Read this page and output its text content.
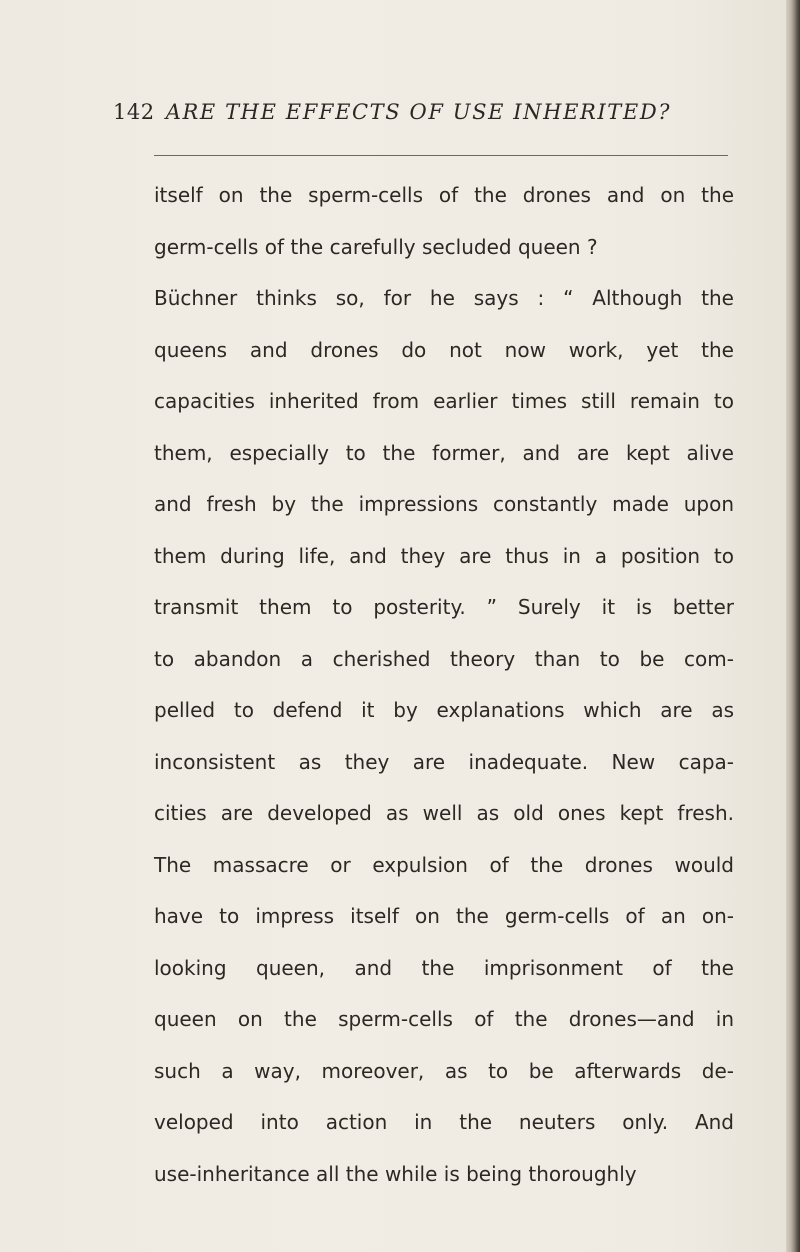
142 ARE THE EFFECTS OF USE INHERITED?
itself on the sperm-cells of the drones and on the
germ-cells of the carefully secluded queen ?
Büchner thinks so, for he says : “ Although the
queens and drones do not now work, yet the
capacities inherited from earlier times still remain to
them, especially to the former, and are kept alive
and fresh by the impressions constantly made upon
them during life, and they are thus in a position to
transmit them to posterity. ” Surely it is better
to abandon a cherished theory than to be com-
pelled to defend it by explanations which are as
inconsistent as they are inadequate. New capa-
cities are developed as well as old ones kept fresh.
The massacre or expulsion of the drones would
have to impress itself on the germ-cells of an on-
looking queen, and the imprisonment of the
queen on the sperm-cells of the drones—and in
such a way, moreover, as to be afterwards de-
veloped into action in the neuters only. And
use-inheritance all the while is being thoroughly
